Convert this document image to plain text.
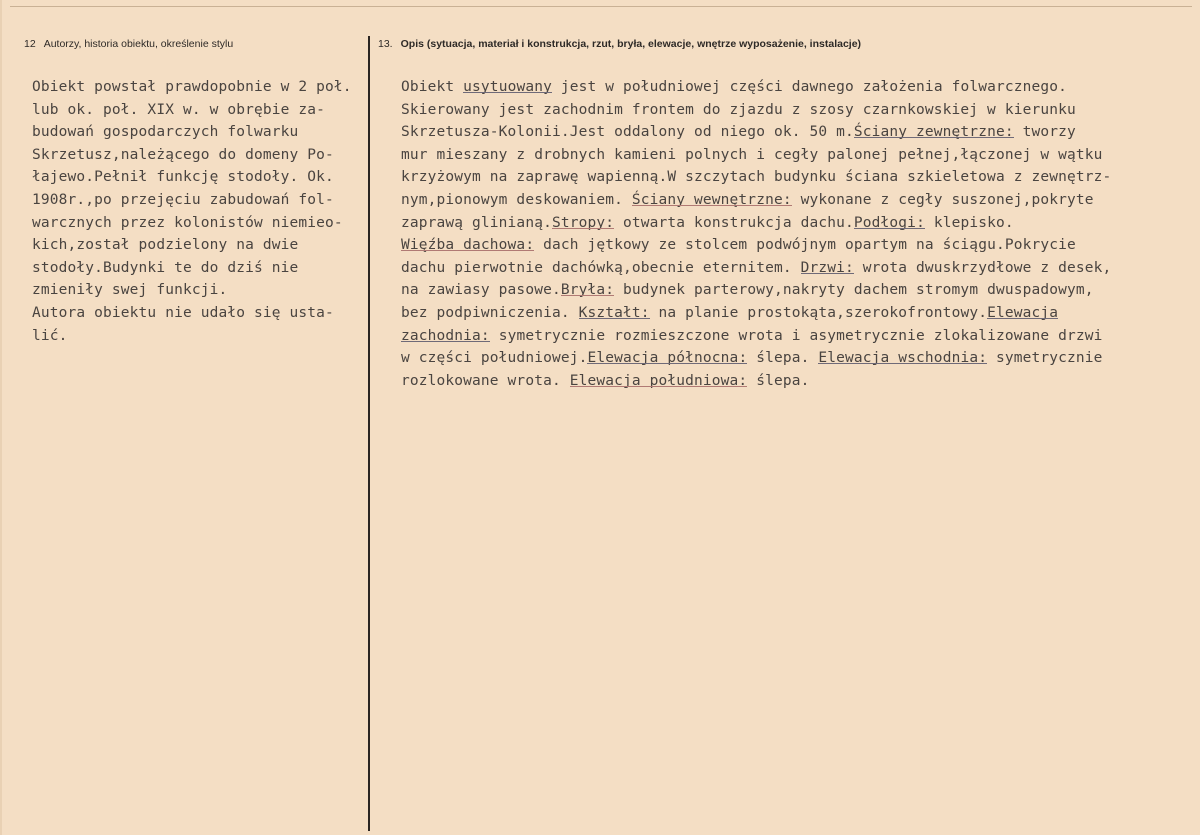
12 Autorzy, historia obiektu, określenie stylu	13. Opis (sytuacja, materiał i konstrukcja, rzut, bryła, elewacje, wnętrze wyposażenie, instalacje)
Obiekt powstał prawdopobnie w 2 poł.
lub ok. poł. XIX w. w obrębie za-
budowań gospodarczych folwarku
Skrzetusz,należącego do domeny Po-
łajewo.Pełnił funkcję stodoły. Ok.
1908r.,po przejęciu zabudowań fol-
warcznych przez kolonistów niemieo-
kich,został podzielony na dwie
stodoły.Budynki te do dziś nie
zmieniły swej funkcji.
Autora obiektu nie udało się usta-
lić.
Obiekt usytuowany jest w południowej części dawnego założenia folwarcznego.
Skierowany jest zachodnim frontem do zjazdu z szosy czarnkowskiej w kierunku
Skrzetusza-Kolonii.Jest oddalony od niego ok. 50 m.Ściany zewnętrzne: tworzy
mur mieszany z drobnych kamieni polnych i cegły palonej pełnej,łączonej w wątku
krzyżowym na zaprawę wapienną.W szczytach budynku ściana szkieletowa z zewnętrz-
nym,pionowym deskowaniem. Ściany wewnętrzne: wykonane z cegły suszonej,pokryte
zaprawą glinianą.Stropy: otwarta konstrukcja dachu.Podłogi: klepisko.
Więźba dachowa: dach jętkowy ze stolcem podwójnym opartym na ściągu.Pokrycie
dachu pierwotnie dachówką,obecnie eternitem. Drzwi: wrota dwuskrzydłowe z desek,
na zawiasy pasowe.Bryła: budynek parterowy,nakryty dachem stromym dwuspadowym,
bez podpiwniczenia. Kształt: na planie prostokąta,szerokofrontowy.Elewacja
zachodnia: symetrycznie rozmieszczone wrota i asymetrycznie zlokalizowane drzwi
w części południowej.Elewacja północna: ślepa. Elewacja wschodnia: symetrycznie
rozlokowane wrota. Elewacja południowa: ślepa.
